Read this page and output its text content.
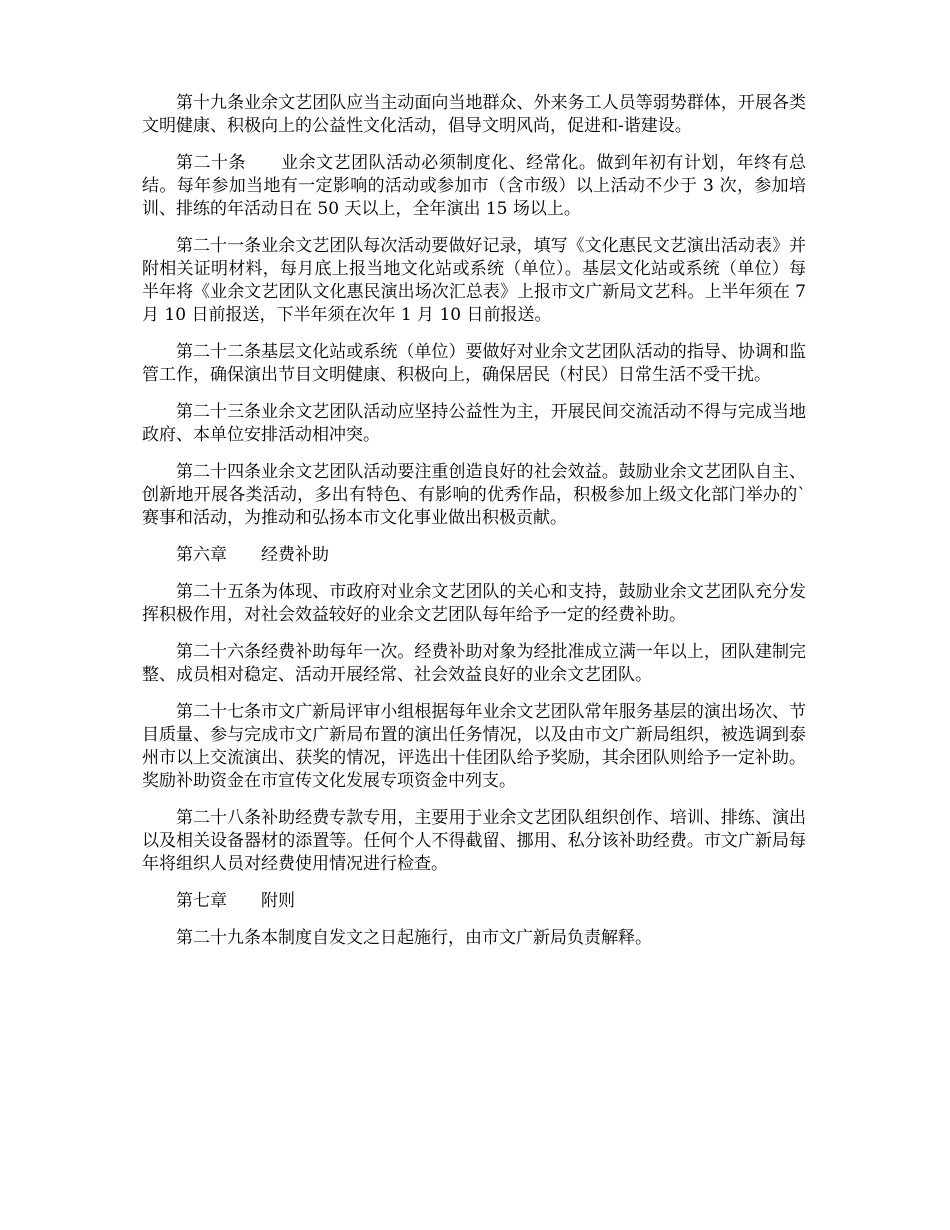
第十九条业余文艺团队应当主动面向当地群众、外来务工人员等弱势群体，开展各类文明健康、积极向上的公益性文化活动，倡导文明风尚，促进和-谐建设。

第二十条　　业余文艺团队活动必须制度化、经常化。做到年初有计划，年终有总结。每年参加当地有一定影响的活动或参加市（含市级）以上活动不少于 3 次，参加培训、排练的年活动日在 50 天以上，全年演出 15 场以上。

第二十一条业余文艺团队每次活动要做好记录，填写《文化惠民文艺演出活动表》并附相关证明材料，每月底上报当地文化站或系统（单位）。基层文化站或系统（单位）每半年将《业余文艺团队文化惠民演出场次汇总表》上报市文广新局文艺科。上半年须在 7 月 10 日前报送，下半年须在次年 1 月 10 日前报送。

第二十二条基层文化站或系统（单位）要做好对业余文艺团队活动的指导、协调和监管工作，确保演出节目文明健康、积极向上，确保居民（村民）日常生活不受干扰。

第二十三条业余文艺团队活动应坚持公益性为主，开展民间交流活动不得与完成当地政府、本单位安排活动相冲突。

第二十四条业余文艺团队活动要注重创造良好的社会效益。鼓励业余文艺团队自主、创新地开展各类活动，多出有特色、有影响的优秀作品，积极参加上级文化部门举办的`赛事和活动，为推动和弘扬本市文化事业做出积极贡献。

第六章　　经费补助

第二十五条为体现、市政府对业余文艺团队的关心和支持，鼓励业余文艺团队充分发挥积极作用，对社会效益较好的业余文艺团队每年给予一定的经费补助。

第二十六条经费补助每年一次。经费补助对象为经批准成立满一年以上，团队建制完整、成员相对稳定、活动开展经常、社会效益良好的业余文艺团队。

第二十七条市文广新局评审小组根据每年业余文艺团队常年服务基层的演出场次、节目质量、参与完成市文广新局布置的演出任务情况，以及由市文广新局组织，被选调到泰州市以上交流演出、获奖的情况，评选出十佳团队给予奖励，其余团队则给予一定补助。奖励补助资金在市宣传文化发展专项资金中列支。

第二十八条补助经费专款专用，主要用于业余文艺团队组织创作、培训、排练、演出以及相关设备器材的添置等。任何个人不得截留、挪用、私分该补助经费。市文广新局每年将组织人员对经费使用情况进行检查。

第七章　　附则

第二十九条本制度自发文之日起施行，由市文广新局负责解释。
